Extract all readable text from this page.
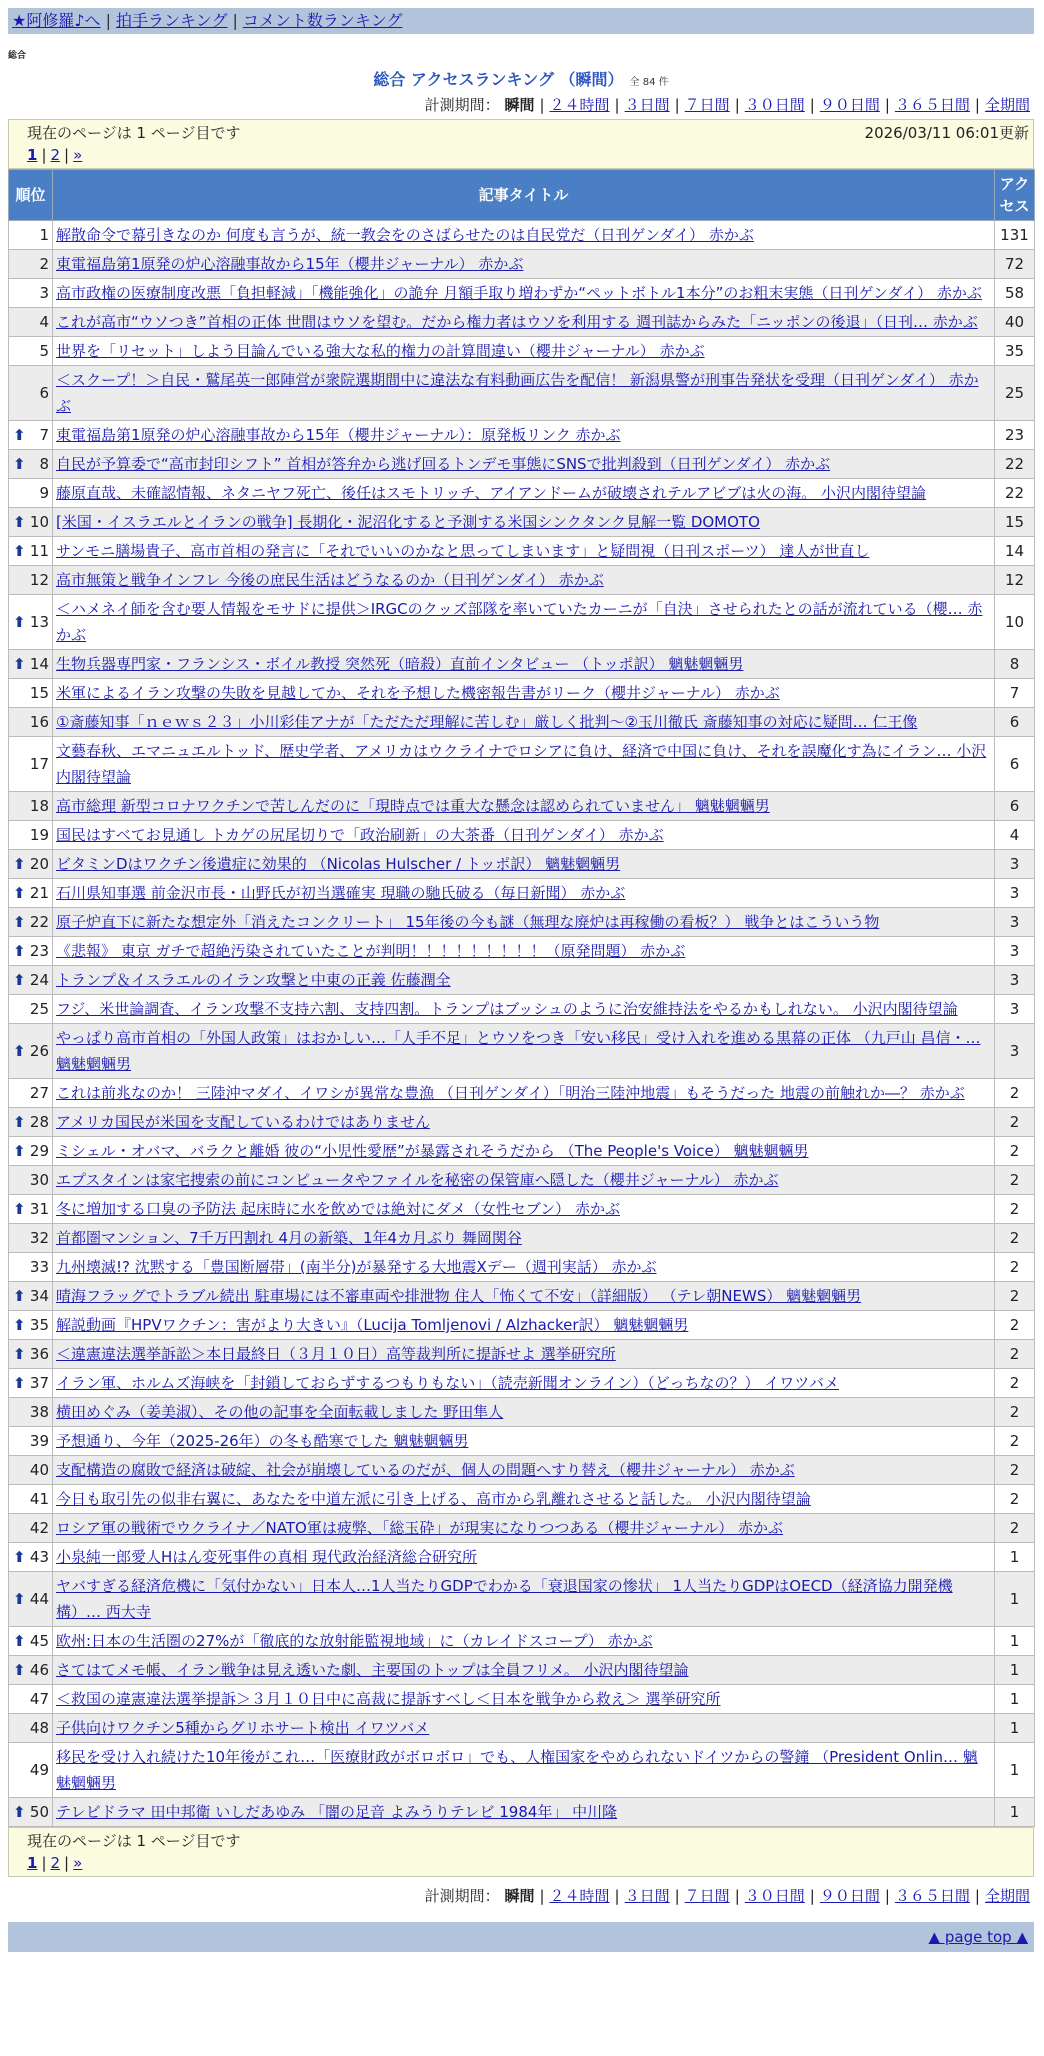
★阿修羅♪へ | 拍手ランキング | コメント数ランキング
総合
総合 アクセスランキング （瞬間） 全 84 件
計測期間： 瞬間 | ２４時間 | ３日間 | ７日間 | ３０日間 | ９０日間 | ３６５日間 | 全期間
現在のページは 1 ページ目です	2026/03/11 06:01更新
1 | 2 | »
順位	記事タイトル	アクセス
1	解散命令で幕引きなのか 何度も言うが、統一教会をのさばらせたのは自民党だ（日刊ゲンダイ） 赤かぶ	131
2	東電福島第1原発の炉心溶融事故から15年（櫻井ジャーナル） 赤かぶ	72
3	高市政権の医療制度改悪「負担軽減」「機能強化」の詭弁 月額手取り増わずか“ペットボトル1本分”のお粗末実態（日刊ゲンダイ） 赤かぶ	58
4	これが高市“ウソつき”首相の正体 世間はウソを望む。だから権力者はウソを利用する 週刊誌からみた「ニッポンの後退」（日刊… 赤かぶ	40
5	世界を「リセット」しよう目論んでいる強大な私的権力の計算間違い（櫻井ジャーナル） 赤かぶ	35
6	＜スクープ！＞自民・鷲尾英一郎陣営が衆院選期間中に違法な有料動画広告を配信！ 新潟県警が刑事告発状を受理（日刊ゲンダイ） 赤かぶ	25

⬆ 7	東電福島第1原発の炉心溶融事故から15年（櫻井ジャーナル）：原発板リンク 赤かぶ	23

⬆ 8	自民が予算委で“高市封印シフト” 首相が答弁から逃げ回るトンデモ事態にSNSで批判殺到（日刊ゲンダイ） 赤かぶ	22
9	藤原直哉、未確認情報、ネタニヤフ死亡、後任はスモトリッチ、アイアンドームが破壊されテルアビブは火の海。 小沢内閣待望論	22

⬆ 10	[米国・イスラエルとイランの戦争] 長期化・泥沼化すると予測する米国シンクタンク見解一覧 DOMOTO	15

⬆ 11	サンモニ膳場貴子、高市首相の発言に「それでいいのかなと思ってしまいます」と疑問視（日刊スポーツ） 達人が世直し	14
12	高市無策と戦争インフレ 今後の庶民生活はどうなるのか（日刊ゲンダイ） 赤かぶ	12

⬆ 13	＜ハメネイ師を含む要人情報をモサドに提供＞IRGCのクッズ部隊を率いていたカーニが「自決」させられたとの話が流れている（櫻… 赤かぶ	10

⬆ 14	生物兵器専門家・フランシス・ボイル教授 突然死（暗殺）直前インタビュー （トッポ訳） 魑魅魍魎男	8
15	米軍によるイラン攻撃の失敗を見越してか、それを予想した機密報告書がリーク（櫻井ジャーナル） 赤かぶ	7
16	①斎藤知事「ｎｅｗｓ２３」小川彩佳アナが「ただただ理解に苦しむ」厳しく批判～②玉川徹氏 斎藤知事の対応に疑問… 仁王像	6
17	文藝春秋、エマニュエルトッド、歴史学者、アメリカはウクライナでロシアに負け、経済で中国に負け、それを誤魔化す為にイラン… 小沢内閣待望論	6
18	高市総理 新型コロナワクチンで苦しんだのに「現時点では重大な懸念は認められていません」 魑魅魍魎男	6
19	国民はすべてお見通し トカゲの尻尾切りで「政治刷新」の大茶番（日刊ゲンダイ） 赤かぶ	4

⬆ 20	ビタミンDはワクチン後遺症に効果的 （Nicolas Hulscher / トッポ訳） 魑魅魍魎男	3

⬆ 21	石川県知事選 前金沢市長・山野氏が初当選確実 現職の馳氏破る（毎日新聞） 赤かぶ	3

⬆ 22	原子炉直下に新たな想定外「消えたコンクリート」 15年後の今も謎（無理な廃炉は再稼働の看板？） 戦争とはこういう物	3

⬆ 23	《悲報》 東京 ガチで超絶汚染されていたことが判明！！！！！！！！！（原発問題） 赤かぶ	3

⬆ 24	トランプ＆イスラエルのイラン攻撃と中東の正義 佐藤潤全	3
25	フジ、米世論調査、イラン攻撃不支持六割、支持四割。トランプはブッシュのように治安維持法をやるかもしれない。 小沢内閣待望論	3

⬆ 26	やっぱり高市首相の「外国人政策」はおかしい…「人手不足」とウソをつき「安い移民」受け入れを進める黒幕の正体 （九戸山 昌信・… 魑魅魍魎男	3
27	これは前兆なのか！ 三陸沖マダイ、イワシが異常な豊漁 （日刊ゲンダイ）「明治三陸沖地震」もそうだった 地震の前触れか―？ 赤かぶ	2

⬆ 28	アメリカ国民が米国を支配しているわけではありません	2

⬆ 29	ミシェル・オバマ、バラクと離婚 彼の“小児性愛歴”が暴露されそうだから （The People's Voice） 魑魅魍魎男	2
30	エプスタインは家宅捜索の前にコンピュータやファイルを秘密の保管庫へ隠した（櫻井ジャーナル） 赤かぶ	2

⬆ 31	冬に増加する口臭の予防法 起床時に水を飲めでは絶対にダメ（女性セブン） 赤かぶ	2
32	首都圏マンション、7千万円割れ 4月の新築、1年4カ月ぶり 舞岡関谷	2
33	九州壊滅!? 沈黙する「豊国断層帯」(南半分)が暴発する大地震Xデー（週刊実話） 赤かぶ	2

⬆ 34	晴海フラッグでトラブル続出 駐車場には不審車両や排泄物 住人「怖くて不安」（詳細版） （テレ朝NEWS） 魑魅魍魎男	2

⬆ 35	解説動画『HPVワクチン：害がより大きい』（Lucija Tomljenovi / Alzhacker訳） 魑魅魍魎男	2

⬆ 36	＜違憲違法選挙訴訟＞本日最終日（３月１０日）高等裁判所に提訴せよ 選挙研究所	2

⬆ 37	イラン軍、ホルムズ海峡を「封鎖しておらずするつもりもない」（読売新聞オンライン）（どっちなの？） イワツバメ	2
38	横田めぐみ（姜美淑）、その他の記事を全面転載しました 野田隼人	2
39	予想通り、今年（2025-26年）の冬も酷寒でした 魑魅魍魎男	2
40	支配構造の腐敗で経済は破綻、社会が崩壊しているのだが、個人の問題へすり替え（櫻井ジャーナル） 赤かぶ	2
41	今日も取引先の似非右翼に、あなたを中道左派に引き上げる、高市から乳離れさせると話した。 小沢内閣待望論	2
42	ロシア軍の戦術でウクライナ／NATO軍は疲弊、「総玉砕」が現実になりつつある（櫻井ジャーナル） 赤かぶ	2

⬆ 43	小泉純一郎愛人Hはん変死事件の真相 現代政治経済総合研究所	1

⬆ 44	ヤバすぎる経済危機に「気付かない」日本人…1人当たりGDPでわかる「衰退国家の惨状」 1人当たりGDPはOECD（経済協力開発機構）… 西大寺	1

⬆ 45	欧州:日本の生活圏の27%が「徹底的な放射能監視地域」に（カレイドスコープ） 赤かぶ	1

⬆ 46	さてはてメモ帳、イラン戦争は見え透いた劇、主要国のトップは全員フリメ。 小沢内閣待望論	1
47	＜救国の違憲違法選挙提訴＞３月１０日中に高裁に提訴すべし＜日本を戦争から救え＞ 選挙研究所	1
48	子供向けワクチン5種からグリホサート検出 イワツバメ	1
49	移民を受け入れ続けた10年後がこれ…「医療財政がボロボロ」でも、人権国家をやめられないドイツからの警鐘 （President Onlin… 魑魅魍魎男	1

⬆ 50	テレビドラマ 田中邦衛 いしだあゆみ 「闇の足音 よみうりテレビ 1984年」 中川隆	1
現在のページは 1 ページ目です
1 | 2 | »
計測期間： 瞬間 | ２４時間 | ３日間 | ７日間 | ３０日間 | ９０日間 | ３６５日間 | 全期間
▲ page top ▲
